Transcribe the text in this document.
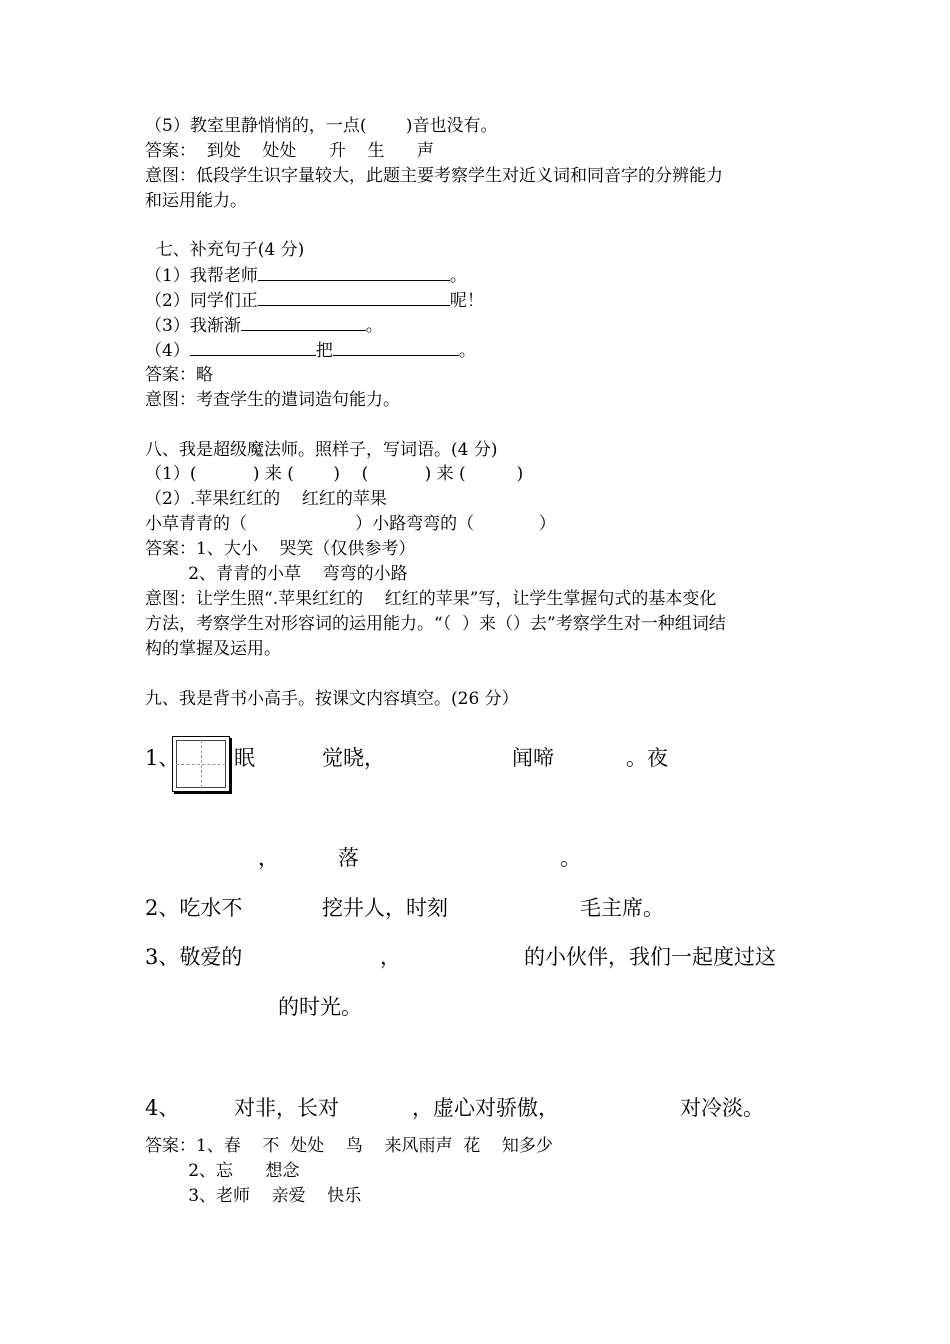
（5）教室里静悄悄的，一点(　　 )音也没有。
答案：  到处    处处      升    生      声
意图：低段学生识字量较大，此题主要考察学生对近义词和同音字的分辨能力
和运用能力。
七、补充句子(4 分)
（1）我帮老师	。
（2）同学们正	呢！
（3）我渐渐	。
（4）	把	。
答案：略
意图：考查学生的遣词造句能力。
八、我是超级魔法师。照样子，写词语。(4 分)
（1）(　　　 ) 来 (　　 )    (　　　 ) 来 (　　　)
（2）.苹果红红的    红红的苹果
小草青青的（                    ）小路弯弯的（            ）
答案：1、大小    哭笑（仅供参考）
2、青青的小草    弯弯的小路
意图：让学生照“.苹果红红的    红红的苹果”写，让学生掌握句式的基本变化
方法，考察学生对形容词的运用能力。“（  ）来（）去”考察学生对一种组词结
构的掌握及运用。
九、我是背书小高手。按课文内容填空。(26 分）
1、	眠	觉晓，	闻啼	。夜
，	落	。
2、吃水不	挖井人，时刻	毛主席。
3、敬爱的	，	的小伙伴，我们一起度过这
的时光。
4、	对非，长对	，虚心对骄傲，	对冷淡。
答案：1、春    不  处处    鸟    来风雨声  花    知多少
2、忘      想念
3、老师    亲爱    快乐
